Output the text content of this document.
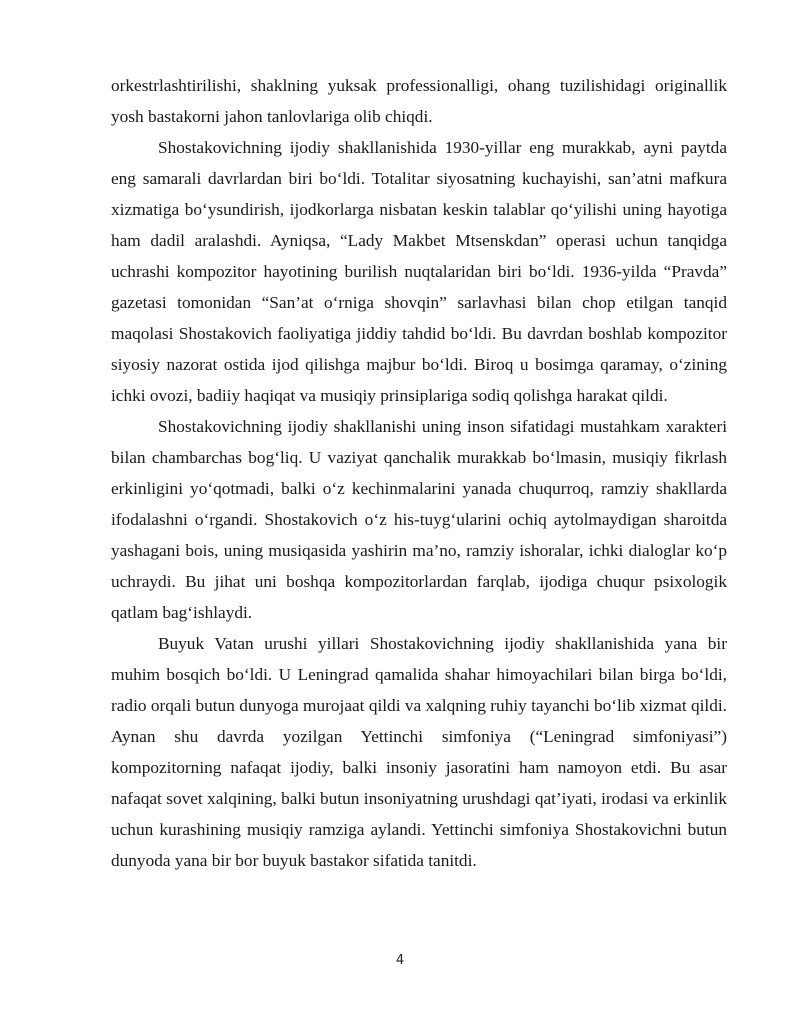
orkestrlashtirilishi, shaklning yuksak professionalligi, ohang tuzilishidagi originallik yosh bastakorni jahon tanlovlariga olib chiqdi.

Shostakovichning ijodiy shakllanishida 1930-yillar eng murakkab, ayni paytda eng samarali davrlardan biri bo‘ldi. Totalitar siyosatning kuchayishi, san’atni mafkura xizmatiga bo‘ysundirish, ijodkorlarga nisbatan keskin talablar qo‘yilishi uning hayotiga ham dadil aralashdi. Ayniqsa, “Lady Makbet Mtsenskdan” operasi uchun tanqidga uchrashi kompozitor hayotining burilish nuqtalaridan biri bo‘ldi. 1936-yilda “Pravda” gazetasi tomonidan “San’at o‘rniga shovqin” sarlavhasi bilan chop etilgan tanqid maqolasi Shostakovich faoliyatiga jiddiy tahdid bo‘ldi. Bu davrdan boshlab kompozitor siyosiy nazorat ostida ijod qilishga majbur bo‘ldi. Biroq u bosimga qaramay, o‘zining ichki ovozi, badiiy haqiqat va musiqiy prinsiplariga sodiq qolishga harakat qildi.

Shostakovichning ijodiy shakllanishi uning inson sifatidagi mustahkam xarakteri bilan chambarchas bog‘liq. U vaziyat qanchalik murakkab bo‘lmasin, musiqiy fikrlash erkinligini yo‘qotmadi, balki o‘z kechinmalarini yanada chuqurroq, ramziy shakllarda ifodalashni o‘rgandi. Shostakovich o‘z his-tuyg‘ularini ochiq aytolmaydigan sharoitda yashagani bois, uning musiqasida yashirin ma’no, ramziy ishoralar, ichki dialoglar ko‘p uchraydi. Bu jihat uni boshqa kompozitorlardan farqlab, ijodiga chuqur psixologik qatlam bag‘ishlaydi.

Buyuk Vatan urushi yillari Shostakovichning ijodiy shakllanishida yana bir muhim bosqich bo‘ldi. U Leningrad qamalida shahar himoyachilari bilan birga bo‘ldi, radio orqali butun dunyoga murojaat qildi va xalqning ruhiy tayanchi bo‘lib xizmat qildi. Aynan shu davrda yozilgan Yettinchi simfoniya (“Leningrad simfoniyasi”) kompozitorning nafaqat ijodiy, balki insoniy jasoratini ham namoyon etdi. Bu asar nafaqat sovet xalqining, balki butun insoniyatning urushdagi qat’iyati, irodasi va erkinlik uchun kurashining musiqiy ramziga aylandi. Yettinchi simfoniya Shostakovichni butun dunyoda yana bir bor buyuk bastakor sifatida tanitdi.

4
